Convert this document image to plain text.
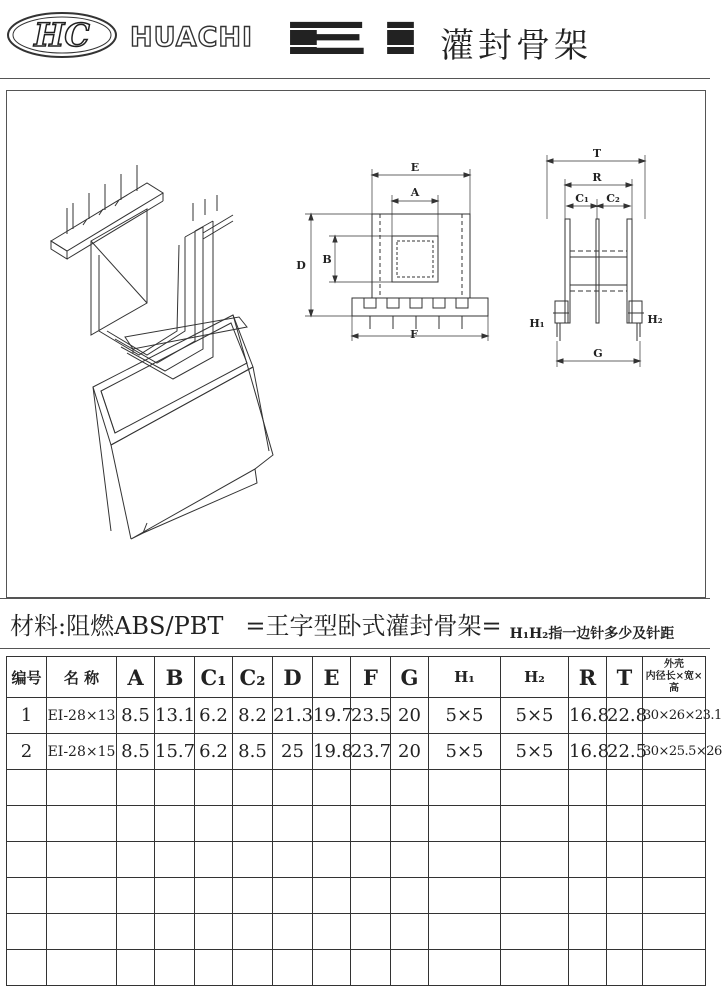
HC HUACHI EI 灌封骨架
E
A
D B
F
T
R
C₁ C₂
H₁	H₂
G
材料:阻燃ABS/PBT =王字型卧式灌封骨架= H₁H₂指一边针多少及针距
编号	名 称	A	B	C₁	C₂	D	E	F	G	H₁	H₂	R	T	外壳
内径长×宽×高
1	EI-28×13	8.5	13.1	6.2	8.2	21.3	19.7	23.5	20	5×5	5×5	16.8	22.8	30×26×23.1
2	EI-28×15	8.5	15.7	6.2	8.5	25	19.8	23.7	20	5×5	5×5	16.8	22.5	30×25.5×26
